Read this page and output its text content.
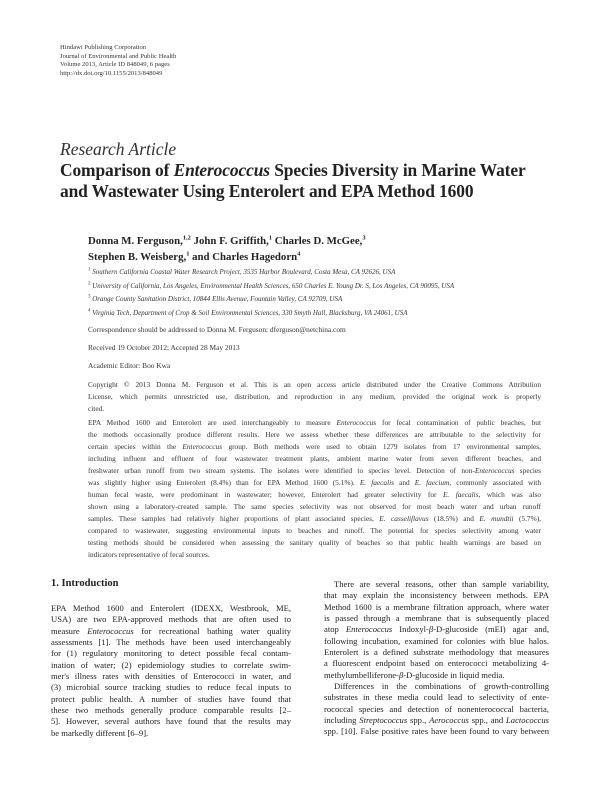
Hindawi Publishing Corporation
Journal of Environmental and Public Health
Volume 2013, Article ID 848049, 6 pages
http://dx.doi.org/10.1155/2013/848049
Research Article
Comparison of Enterococcus Species Diversity in Marine Water
and Wastewater Using Enterolert and EPA Method 1600
Donna M. Ferguson,$^{1,2}$ John F. Griffith,$^1$ Charles D. McGee,$^3$
Stephen B. Weisberg,$^1$ and Charles Hagedorn$^4$
$^1$ Southern California Coastal Water Research Project, 3535 Harbor Boulevard, Costa Mesa, CA 92626, USA
$^2$ University of California, Los Angeles, Environmental Health Sciences, 650 Charles E. Young Dr. S, Los Angeles, CA 90095, USA
$^3$ Orange County Sanitation District, 10844 Ellis Avenue, Fountain Valley, CA 92709, USA
$^4$ Virginia Tech, Department of Crop & Soil Environmental Sciences, 330 Smyth Hall, Blacksburg, VA 24061, USA
Correspondence should be addressed to Donna M. Ferguson; dferguson@netchina.com
Received 19 October 2012; Accepted 28 May 2013
Academic Editor: Boo Kwa
Copyright © 2013 Donna M. Ferguson et al. This is an open access article distributed under the Creative Commons Attribution
License, which permits unrestricted use, distribution, and reproduction in any medium, provided the original work is properly
cited.
EPA Method 1600 and Enterolert are used interchangeably to measure Enterococcus for fecal contamination of public beaches, but
the methods occasionally produce different results. Here we assess whether these differences are attributable to the selectivity for
certain species within the Enterococcus group. Both methods were used to obtain 1279 isolates from 17 environmental samples,
including influent and effluent of four wastewater treatment plants, ambient marine water from seven different beaches, and
freshwater urban runoff from two stream systems. The isolates were identified to species level. Detection of non-Enterococcus species
was slightly higher using Enterolert (8.4%) than for EPA Method 1600 (5.1%). E. faecalis and E. faecium, commonly associated with
human fecal waste, were predominant in wastewater; however, Enterolert had greater selectivity for E. faecalis, which was also
shown using a laboratory-created sample. The same species selectivity was not observed for most beach water and urban runoff
samples. These samples had relatively higher proportions of plant associated species, E. casseliflavus (18.5%) and E. mundtii (5.7%),
compared to wastewater, suggesting environmental inputs to beaches and runoff. The potential for species selectivity among water
testing methods should be considered when assessing the sanitary quality of beaches so that public health warnings are based on
indicators representative of fecal sources.
1. Introduction
EPA Method 1600 and Enterolert (IDEXX, Westbrook, ME,
USA) are two EPA-approved methods that are often used to
measure Enterococcus for recreational bathing water quality
assessments [1]. The methods have been used interchangeably
for (1) regulatory monitoring to detect possible fecal contam-
ination of water; (2) epidemiology studies to correlate swim-
mer's illness rates with densities of Enterococci in water, and
(3) microbial source tracking studies to reduce fecal inputs to
protect public health. A number of studies have found that
these two methods generally produce comparable results [2–
5]. However, several authors have found that the results may
be markedly different [6–9].
There are several reasons, other than sample variability,
that may explain the inconsistency between methods. EPA
Method 1600 is a membrane filtration approach, where water
is passed through a membrane that is subsequently placed
atop Enterococcus Indoxyl-β-D-glucoside (mEI) agar and,
following incubation, examined for colonies with blue halos.
Enterolert is a defined substrate methodology that measures
a fluorescent endpoint based on enterococci metabolizing 4-
methylumbelliferone-β-D-glucoside in liquid media.
Differences in the combinations of growth-controlling
substrates in these media could lead to selectivity of ente-
rococcal species and detection of nonenterococcal bacteria,
including Streptococcus spp., Aerococcus spp., and Lactococcus
spp. [10]. False positive rates have been found to vary between
